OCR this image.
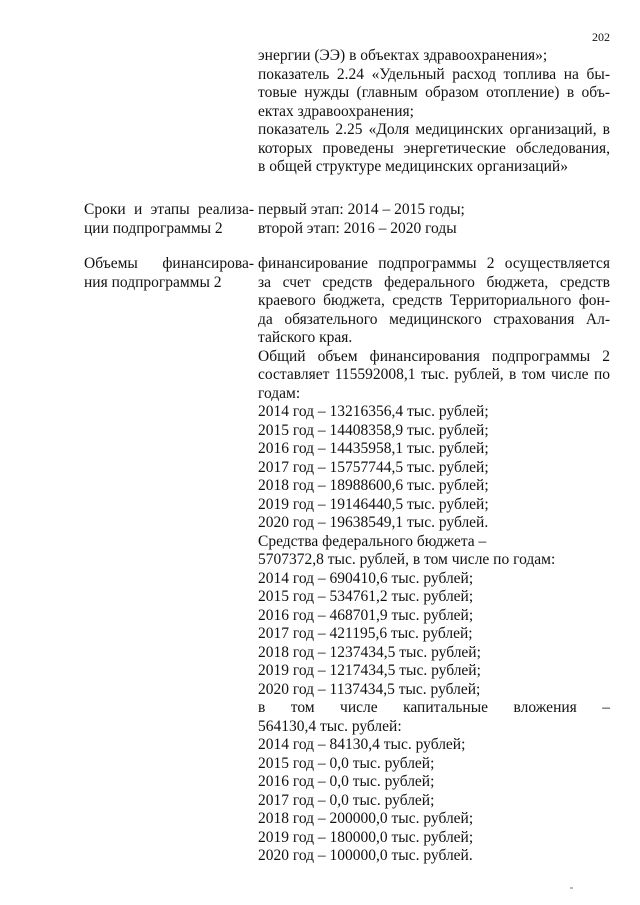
202
энергии (ЭЭ) в объектах здравоохранения»;
показатель 2.24 «Удельный расход топлива на бы-
товые нужды (главным образом отопление) в объ-
ектах здравоохранения;
показатель 2.25 «Доля медицинских организаций, в
которых проведены энергетические обследования,
в общей структуре медицинских организаций»
Сроки и этапы реализа-
ции подпрограммы 2
первый этап: 2014 – 2015 годы;
второй этап: 2016 – 2020 годы
Объемы финансирова-
ния подпрограммы 2
финансирование подпрограммы 2 осуществляется
за счет средств федерального бюджета, средств
краевого бюджета, средств Территориального фон-
да обязательного медицинского страхования Ал-
тайского края.
Общий объем финансирования подпрограммы 2
составляет 115592008,1 тыс. рублей, в том числе по
годам:
2014 год – 13216356,4 тыс. рублей;
2015 год – 14408358,9 тыс. рублей;
2016 год – 14435958,1 тыс. рублей;
2017 год – 15757744,5 тыс. рублей;
2018 год – 18988600,6 тыс. рублей;
2019 год – 19146440,5 тыс. рублей;
2020 год – 19638549,1 тыс. рублей.
Средства федерального бюджета –
5707372,8 тыс. рублей, в том числе по годам:
2014 год – 690410,6 тыс. рублей;
2015 год – 534761,2 тыс. рублей;
2016 год – 468701,9 тыс. рублей;
2017 год – 421195,6 тыс. рублей;
2018 год – 1237434,5 тыс. рублей;
2019 год – 1217434,5 тыс. рублей;
2020 год – 1137434,5 тыс. рублей;
в том числе капитальные вложения –
564130,4 тыс. рублей:
2014 год – 84130,4 тыс. рублей;
2015 год – 0,0 тыс. рублей;
2016 год – 0,0 тыс. рублей;
2017 год – 0,0 тыс. рублей;
2018 год – 200000,0 тыс. рублей;
2019 год – 180000,0 тыс. рублей;
2020 год – 100000,0 тыс. рублей.
